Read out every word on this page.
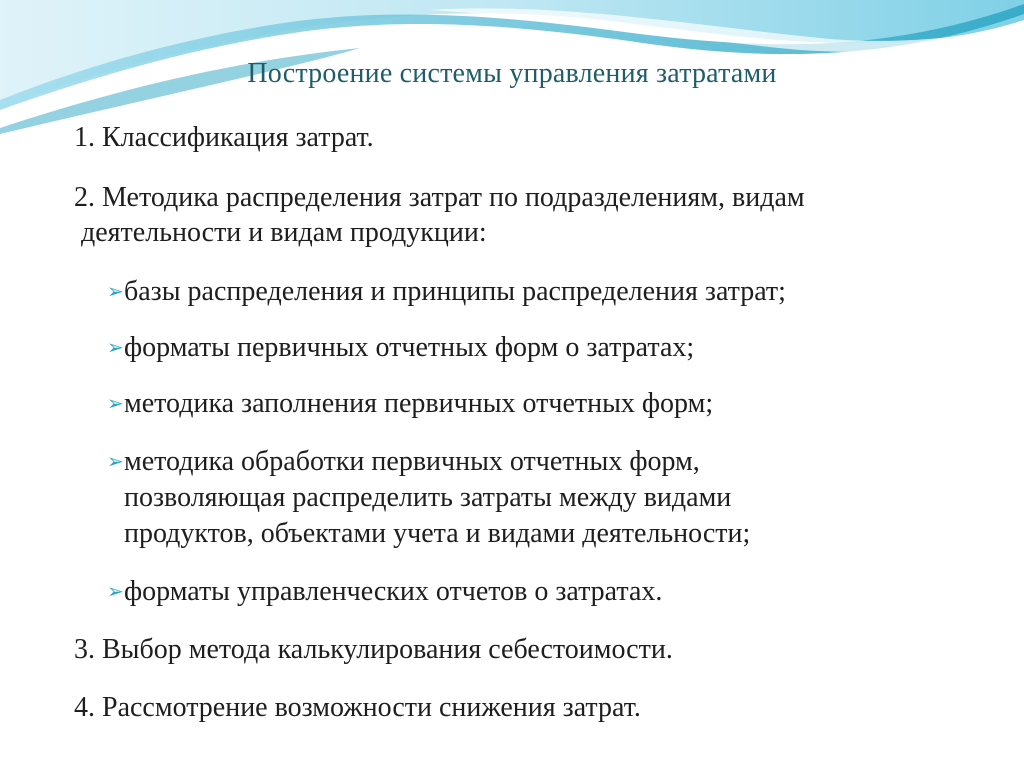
Построение системы управления затратами
1. Классификация затрат.
2. Методика распределения затрат по подразделениям, видам
деятельности и видам продукции:
➢базы распределения и принципы распределения затрат;
➢форматы первичных отчетных форм о затратах;
➢методика заполнения первичных отчетных форм;
➢методика обработки первичных отчетных форм,
позволяющая распределить затраты между видами
продуктов, объектами учета и видами деятельности;
➢форматы управленческих отчетов о затратах.
3. Выбор метода калькулирования себестоимости.
4. Рассмотрение возможности снижения затрат.
